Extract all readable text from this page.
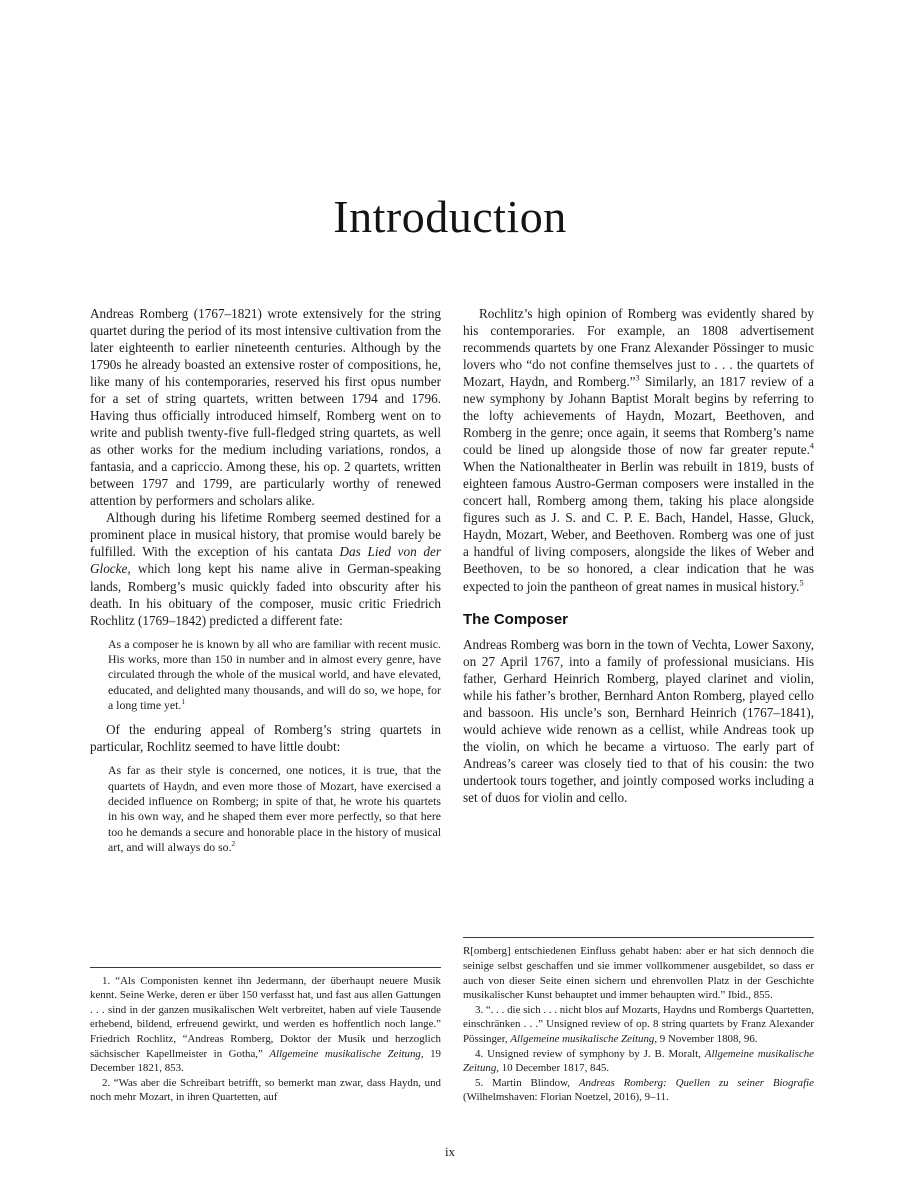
Introduction

Andreas Romberg (1767–1821) wrote extensively for the string quartet during the period of its most intensive cultivation from the later eighteenth to earlier nineteenth centuries. Although by the 1790s he already boasted an extensive roster of compositions, he, like many of his contemporaries, reserved his first opus number for a set of string quartets, written between 1794 and 1796. Having thus officially introduced himself, Romberg went on to write and publish twenty-five full-fledged string quartets, as well as other works for the medium including variations, rondos, a fantasia, and a capriccio. Among these, his op. 2 quartets, written between 1797 and 1799, are particularly worthy of renewed attention by performers and scholars alike.

Although during his lifetime Romberg seemed destined for a prominent place in musical history, that promise would barely be fulfilled. With the exception of his cantata Das Lied von der Glocke, which long kept his name alive in German-speaking lands, Romberg’s music quickly faded into obscurity after his death. In his obituary of the composer, music critic Friedrich Rochlitz (1769–1842) predicted a different fate:

As a composer he is known by all who are familiar with recent music. His works, more than 150 in number and in almost every genre, have circulated through the whole of the musical world, and have elevated, educated, and delighted many thousands, and will do so, we hope, for a long time yet.$^1$

Of the enduring appeal of Romberg’s string quartets in particular, Rochlitz seemed to have little doubt:

As far as their style is concerned, one notices, it is true, that the quartets of Haydn, and even more those of Mozart, have exercised a decided influence on Romberg; in spite of that, he wrote his quartets in his own way, and he shaped them ever more perfectly, so that here too he demands a secure and honorable place in the history of musical art, and will always do so.$^2$

1. “Als Componisten kennet ihn Jedermann, der überhaupt neuere Musik kennt. Seine Werke, deren er über 150 verfasst hat, und fast aus allen Gattungen . . . sind in der ganzen musikalischen Welt verbreitet, haben auf viele Tausende erhebend, bildend, erfreuend gewirkt, und werden es hoffentlich noch lange.” Friedrich Rochlitz, “Andreas Romberg, Doktor der Musik und herzoglich sächsischer Kapellmeister in Gotha,” Allgemeine musikalische Zeitung, 19 December 1821, 853.

2. “Was aber die Schreibart betrifft, so bemerkt man zwar, dass Haydn, und noch mehr Mozart, in ihren Quartetten, auf

Rochlitz’s high opinion of Romberg was evidently shared by his contemporaries. For example, an 1808 advertisement recommends quartets by one Franz Alexander Pössinger to music lovers who “do not confine themselves just to . . . the quartets of Mozart, Haydn, and Romberg.”$^3$ Similarly, an 1817 review of a new symphony by Johann Baptist Moralt begins by referring to the lofty achievements of Haydn, Mozart, Beethoven, and Romberg in the genre; once again, it seems that Romberg’s name could be lined up alongside those of now far greater repute.$^4$ When the Nationaltheater in Berlin was rebuilt in 1819, busts of eighteen famous Austro-German composers were installed in the concert hall, Romberg among them, taking his place alongside figures such as J. S. and C. P. E. Bach, Handel, Hasse, Gluck, Haydn, Mozart, Weber, and Beethoven. Romberg was one of just a handful of living composers, alongside the likes of Weber and Beethoven, to be so honored, a clear indication that he was expected to join the pantheon of great names in musical history.$^5$

The Composer

Andreas Romberg was born in the town of Vechta, Lower Saxony, on 27 April 1767, into a family of professional musicians. His father, Gerhard Heinrich Romberg, played clarinet and violin, while his father’s brother, Bernhard Anton Romberg, played cello and bassoon. His uncle’s son, Bernhard Heinrich (1767–1841), would achieve wide renown as a cellist, while Andreas took up the violin, on which he became a virtuoso. The early part of Andreas’s career was closely tied to that of his cousin: the two undertook tours together, and jointly composed works including a set of duos for violin and cello.

R[omberg] entschiedenen Einfluss gehabt haben: aber er hat sich dennoch die seinige selbst geschaffen und sie immer vollkommener ausgebildet, so dass er auch von dieser Seite einen sichern und ehrenvollen Platz in der Geschichte musikalischer Kunst behauptet und immer behaupten wird.” Ibid., 855.

3. “. . . die sich . . . nicht blos auf Mozarts, Haydns und Rombergs Quartetten, einschränken . . .” Unsigned review of op. 8 string quartets by Franz Alexander Pössinger, Allgemeine musikalische Zeitung, 9 November 1808, 96.

4. Unsigned review of symphony by J. B. Moralt, Allgemeine musikalische Zeitung, 10 December 1817, 845.

5. Martin Blindow, Andreas Romberg: Quellen zu seiner Biografie (Wilhelmshaven: Florian Noetzel, 2016), 9–11.

ix
